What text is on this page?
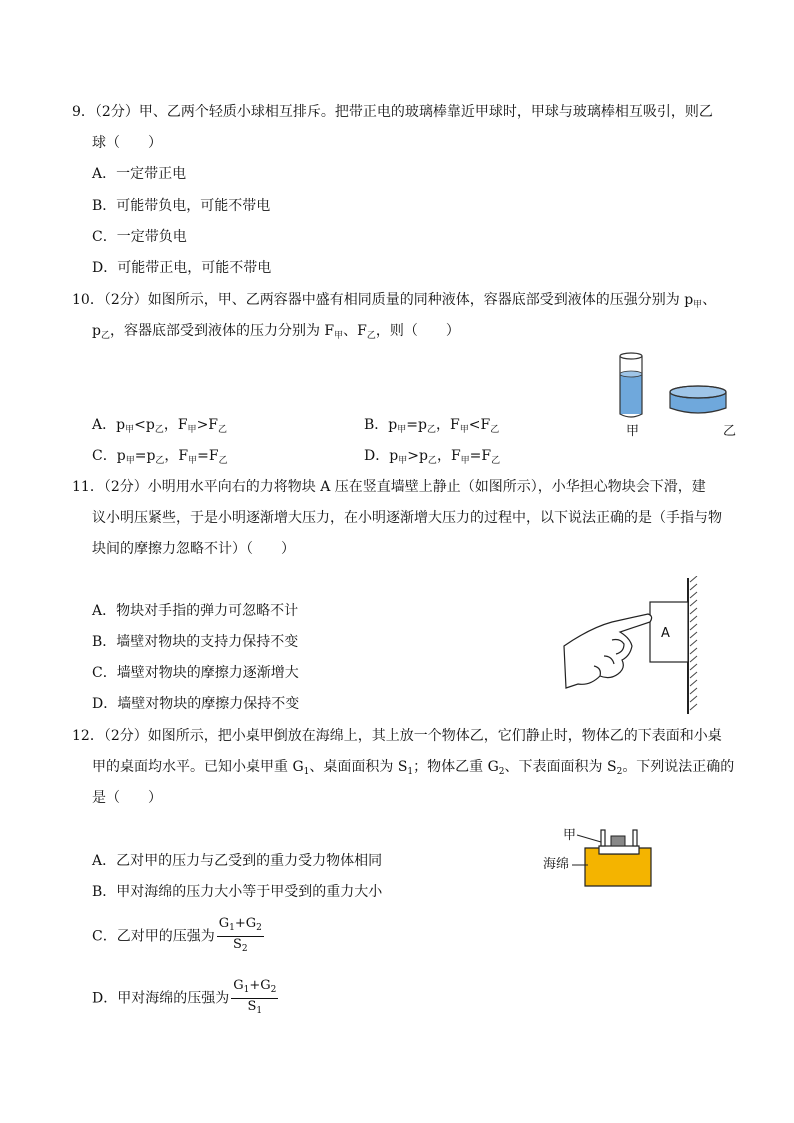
9．（2分）甲、乙两个轻质小球相互排斥。把带正电的玻璃棒靠近甲球时，甲球与玻璃棒相互吸引，则乙
球（　　）
A．一定带正电
B．可能带负电，可能不带电
C．一定带负电
D．可能带正电，可能不带电
10．（2分）如图所示，甲、乙两容器中盛有相同质量的同种液体，容器底部受到液体的压强分别为 $p_甲$、
$p_乙$，容器底部受到液体的压力分别为 $F_甲$、$F_乙$，则（　　）
A．$p_甲<p_乙$，$F_甲>F_乙$	B．$p_甲=p_乙$，$F_甲<F_乙$
C．$p_甲=p_乙$，$F_甲=F_乙$	D．$p_甲>p_乙$，$F_甲=F_乙$
甲	乙
11．（2分）小明用水平向右的力将物块 A 压在竖直墙壁上静止（如图所示），小华担心物块会下滑，建
议小明压紧些，于是小明逐渐增大压力，在小明逐渐增大压力的过程中，以下说法正确的是（手指与物
块间的摩擦力忽略不计）（　　）
A．物块对手指的弹力可忽略不计
B．墙壁对物块的支持力保持不变
C．墙壁对物块的摩擦力逐渐增大
D．墙壁对物块的摩擦力保持不变
A
12．（2分）如图所示，把小桌甲倒放在海绵上，其上放一个物体乙，它们静止时，物体乙的下表面和小桌
甲的桌面均水平。已知小桌甲重 $G_1$、桌面面积为 $S_1$；物体乙重 $G_2$、下表面面积为 $S_2$。下列说法正确的
是（　　）
A．乙对甲的压力与乙受到的重力受力物体相同
B．甲对海绵的压力大小等于甲受到的重力大小
C．乙对甲的压强为 $\frac{G_1+G_2}{S_2}$
D．甲对海绵的压强为 $\frac{G_1+G_2}{S_1}$
甲
海绵
